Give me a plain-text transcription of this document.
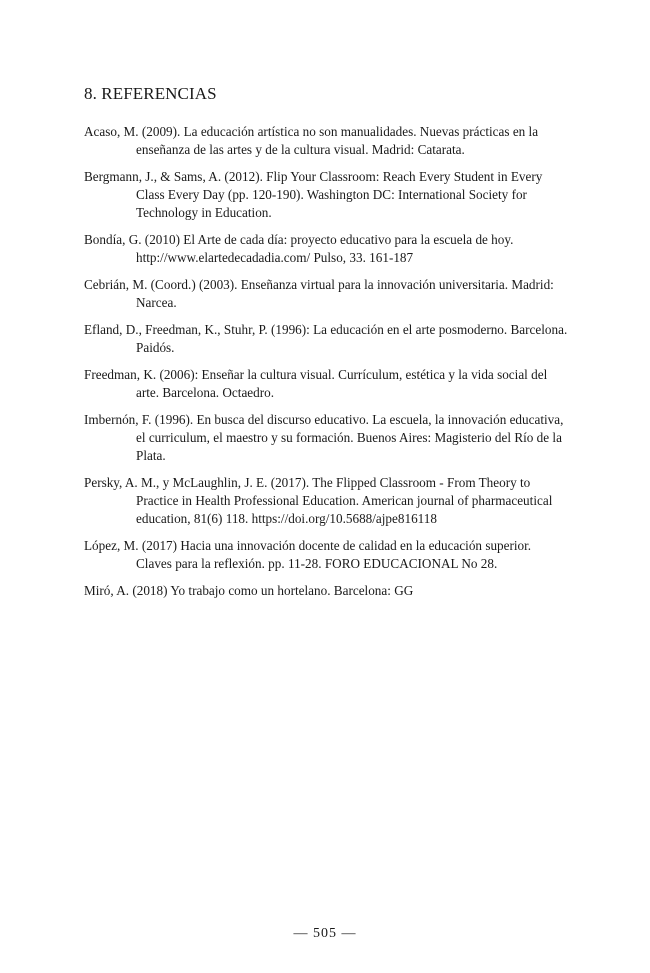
8. REFERENCIAS
Acaso, M. (2009). La educación artística no son manualidades. Nuevas prácticas en la enseñanza de las artes y de la cultura visual. Madrid: Catarata.
Bergmann, J., & Sams, A. (2012). Flip Your Classroom: Reach Every Student in Every Class Every Day (pp. 120-190). Washington DC: International Society for Technology in Education.
Bondía, G. (2010) El Arte de cada día: proyecto educativo para la escuela de hoy. http://www.elartedecadadia.com/ Pulso, 33. 161-187
Cebrián, M. (Coord.) (2003). Enseñanza virtual para la innovación universitaria. Madrid: Narcea.
Efland, D., Freedman, K., Stuhr, P. (1996): La educación en el arte posmoderno. Barcelona. Paidós.
Freedman, K. (2006): Enseñar la cultura visual. Currículum, estética y la vida social del arte. Barcelona. Octaedro.
Imbernón, F. (1996). En busca del discurso educativo. La escuela, la innovación educativa, el curriculum, el maestro y su formación. Buenos Aires: Magisterio del Río de la Plata.
Persky, A. M., y McLaughlin, J. E. (2017). The Flipped Classroom - From Theory to Practice in Health Professional Education. American journal of pharmaceutical education, 81(6) 118. https://doi.org/10.5688/ajpe816118
López, M. (2017) Hacia una innovación docente de calidad en la educación superior. Claves para la reflexión. pp. 11-28. FORO EDUCACIONAL No 28.
Miró, A. (2018) Yo trabajo como un hortelano. Barcelona: GG
— 505 —
